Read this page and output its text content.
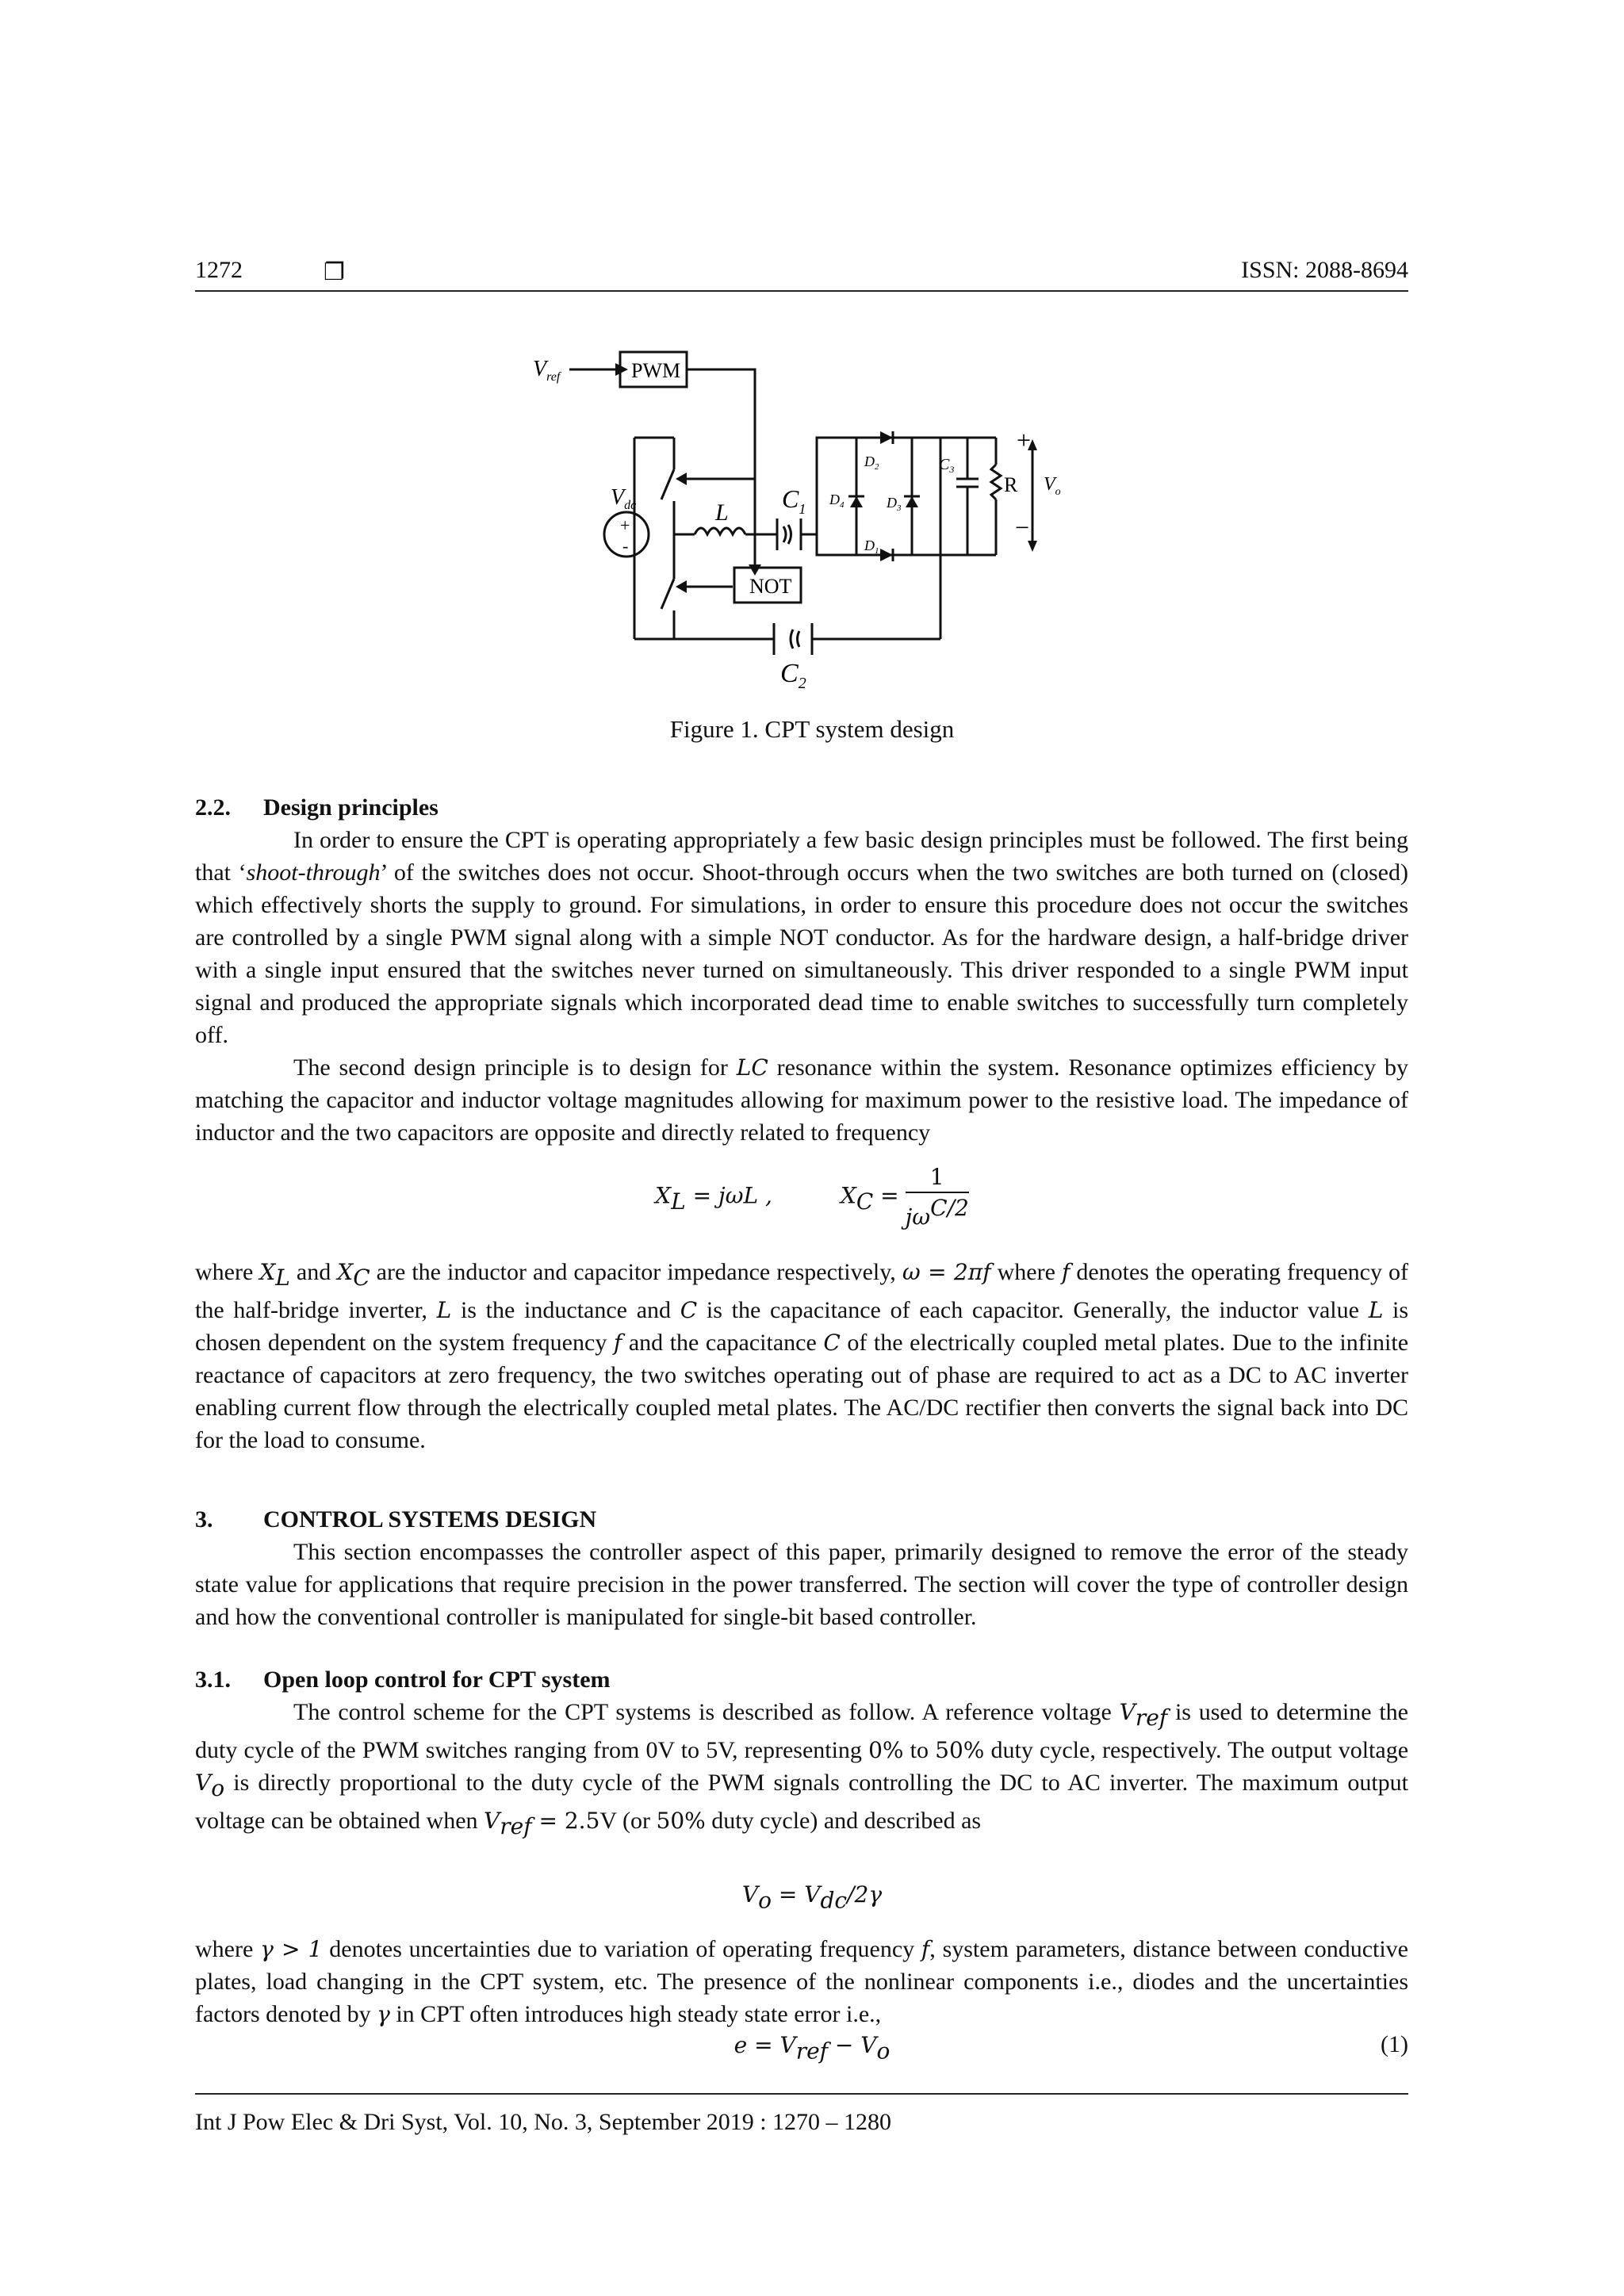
1272	❐	ISSN: 2088-8694
$V_{ref}$	PWM
NOT
$V_{dc}$
+
-
L $C_1$
$C_2$
$C_3$
$D_2$
$D_4$	$D_3$
$D_1$
R $V_o$
+
−
Figure 1. CPT system design

2.2. Design principles

In order to ensure the CPT is operating appropriately a few basic design principles must be followed. The first being that ‘shoot-through’ of the switches does not occur. Shoot-through occurs when the two switches are both turned on (closed) which effectively shorts the supply to ground. For simulations, in order to ensure this procedure does not occur the switches are controlled by a single PWM signal along with a simple NOT conductor. As for the hardware design, a half-bridge driver with a single input ensured that the switches never turned on simultaneously. This driver responded to a single PWM input signal and produced the appropriate signals which incorporated dead time to enable switches to successfully turn completely off.

The second design principle is to design for LC resonance within the system. Resonance optimizes efficiency by matching the capacitor and inductor voltage magnitudes allowing for maximum power to the resistive load. The impedance of inductor and the two capacitors are opposite and directly related to frequency

$X_L = j\omega L$ ,	$X_C = \frac{1}{j\omega^{C/2}}$

where $X_L$ and $X_C$ are the inductor and capacitor impedance respectively, ω = 2πf where f denotes the operating frequency of the half-bridge inverter, L is the inductance and C is the capacitance of each capacitor. Generally, the inductor value L is chosen dependent on the system frequency f and the capacitance C of the electrically coupled metal plates. Due to the infinite reactance of capacitors at zero frequency, the two switches operating out of phase are required to act as a DC to AC inverter enabling current flow through the electrically coupled metal plates. The AC/DC rectifier then converts the signal back into DC for the load to consume.

3. CONTROL SYSTEMS DESIGN

This section encompasses the controller aspect of this paper, primarily designed to remove the error of the steady state value for applications that require precision in the power transferred. The section will cover the type of controller design and how the conventional controller is manipulated for single-bit based controller.

3.1. Open loop control for CPT system

The control scheme for the CPT systems is described as follow. A reference voltage $V_{ref}$ is used to determine the duty cycle of the PWM switches ranging from 0V to 5V, representing 0% to 50% duty cycle, respectively. The output voltage $V_o$ is directly proportional to the duty cycle of the PWM signals controlling the DC to AC inverter. The maximum output voltage can be obtained when $V_{ref} = 2.5V$ (or 50% duty cycle) and described as

$V_o = V_{dc}/2\gamma$

where γ > 1 denotes uncertainties due to variation of operating frequency f, system parameters, distance between conductive plates, load changing in the CPT system, etc. The presence of the nonlinear components i.e., diodes and the uncertainties factors denoted by γ in CPT often introduces high steady state error i.e.,

$e = V_{ref} - V_o$	(1)
Int J Pow Elec & Dri Syst, Vol. 10, No. 3, September 2019 : 1270 – 1280
